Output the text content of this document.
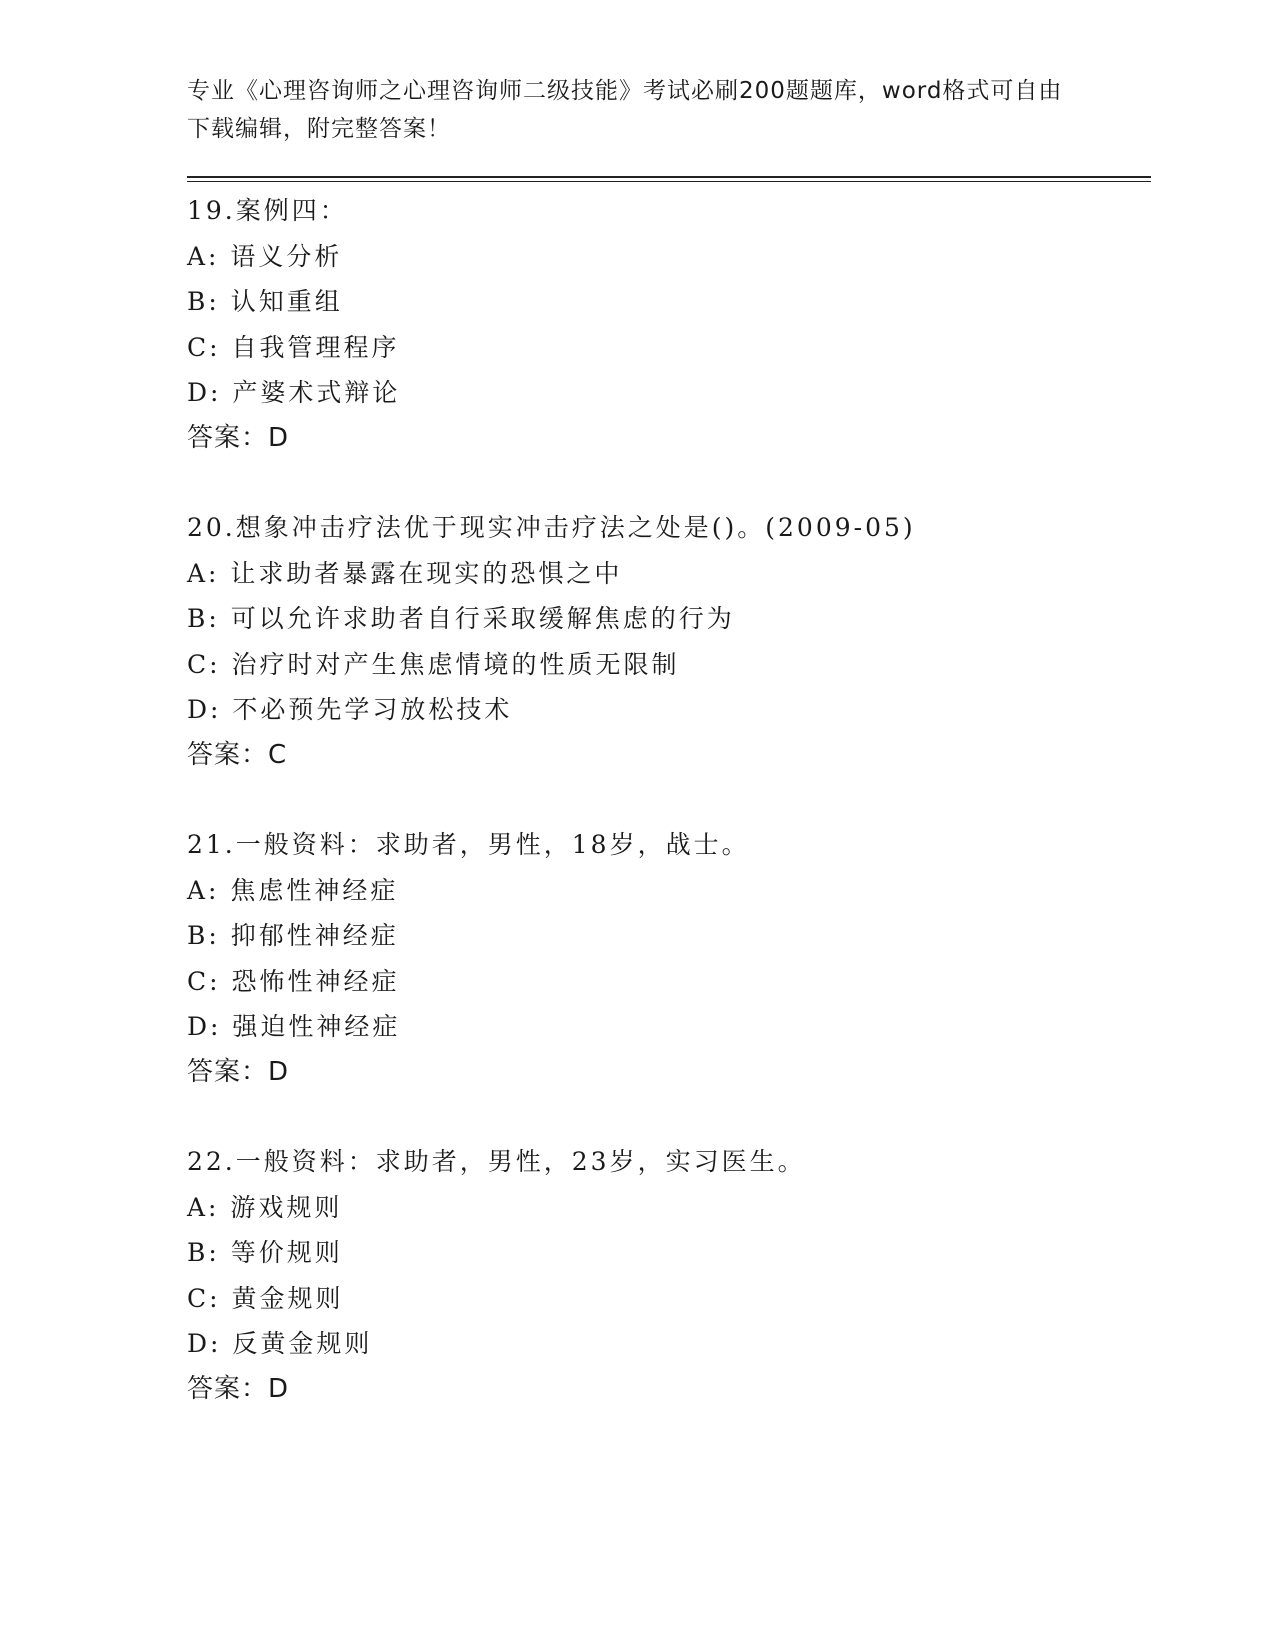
专业《心理咨询师之心理咨询师二级技能》考试必刷200题题库，word格式可自由下载编辑，附完整答案！
19.案例四：
A: 语义分析
B: 认知重组
C: 自我管理程序
D: 产婆术式辩论
答案：D
20.想象冲击疗法优于现实冲击疗法之处是()。(2009-05)
A: 让求助者暴露在现实的恐惧之中
B: 可以允许求助者自行采取缓解焦虑的行为
C: 治疗时对产生焦虑情境的性质无限制
D: 不必预先学习放松技术
答案：C
21.一般资料：求助者，男性，18岁，战士。
A: 焦虑性神经症
B: 抑郁性神经症
C: 恐怖性神经症
D: 强迫性神经症
答案：D
22.一般资料：求助者，男性，23岁，实习医生。
A: 游戏规则
B: 等价规则
C: 黄金规则
D: 反黄金规则
答案：D
